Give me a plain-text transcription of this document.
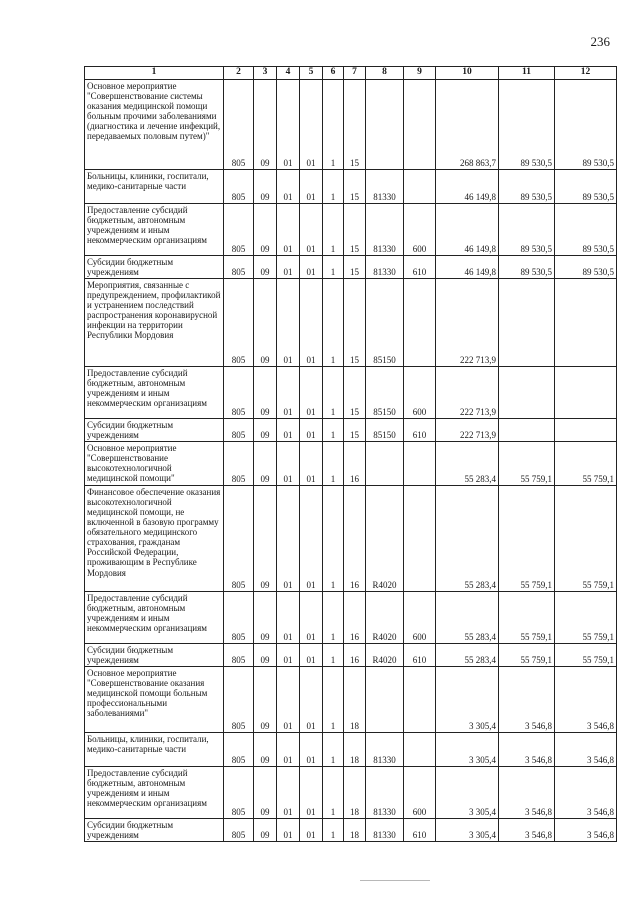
236
1	2	3	4	5	6	7	8	9	10	11	12
Основное мероприятие "Совершенствование системы оказания медицинской помощи больным прочими заболеваниями (диагностика и лечение инфекций, передаваемых половым путем)"	805	09	01	01	1	15			268 863,7	89 530,5	89 530,5
Больницы, клиники, госпитали, медико-санитарные части	805	09	01	01	1	15	81330		46 149,8	89 530,5	89 530,5
Предоставление субсидий бюджетным, автономным учреждениям и иным некоммерческим организациям	805	09	01	01	1	15	81330	600	46 149,8	89 530,5	89 530,5
Субсидии бюджетным учреждениям	805	09	01	01	1	15	81330	610	46 149,8	89 530,5	89 530,5
Мероприятия, связанные с предупреждением, профилактикой и устранением последствий распространения коронавирусной инфекции на территории Республики Мордовия	805	09	01	01	1	15	85150		222 713,9		
Предоставление субсидий бюджетным, автономным учреждениям и иным некоммерческим организациям	805	09	01	01	1	15	85150	600	222 713,9		
Субсидии бюджетным учреждениям	805	09	01	01	1	15	85150	610	222 713,9		
Основное мероприятие "Совершенствование высокотехнологичной медицинской помощи"	805	09	01	01	1	16			55 283,4	55 759,1	55 759,1
Финансовое обеспечение оказания высокотехнологичной медицинской помощи, не включенной в базовую программу обязательного медицинского страхования, гражданам Российской Федерации, проживающим в Республике Мордовия	805	09	01	01	1	16	R4020		55 283,4	55 759,1	55 759,1
Предоставление субсидий бюджетным, автономным учреждениям и иным некоммерческим организациям	805	09	01	01	1	16	R4020	600	55 283,4	55 759,1	55 759,1
Субсидии бюджетным учреждениям	805	09	01	01	1	16	R4020	610	55 283,4	55 759,1	55 759,1
Основное мероприятие "Совершенствование оказания медицинской помощи больным профессиональными заболеваниями"	805	09	01	01	1	18			3 305,4	3 546,8	3 546,8
Больницы, клиники, госпитали, медико-санитарные части	805	09	01	01	1	18	81330		3 305,4	3 546,8	3 546,8
Предоставление субсидий бюджетным, автономным учреждениям и иным некоммерческим организациям	805	09	01	01	1	18	81330	600	3 305,4	3 546,8	3 546,8
Субсидии бюджетным учреждениям	805	09	01	01	1	18	81330	610	3 305,4	3 546,8	3 546,8
